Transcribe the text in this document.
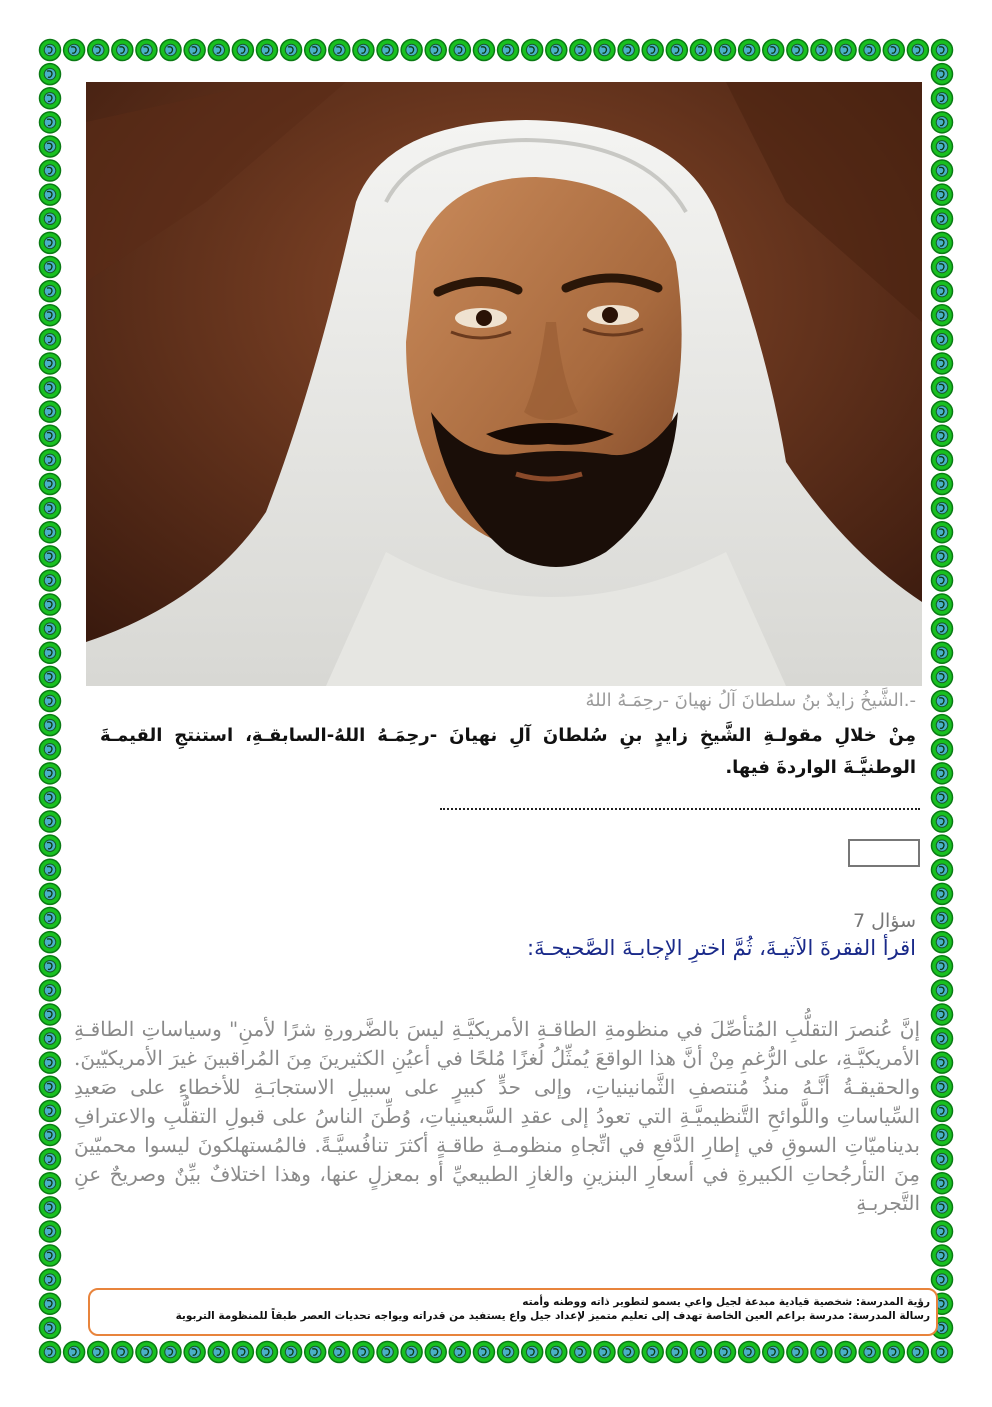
-.الشَّيخُ زايدٌ بنُ سلطانَ آلُ نهيانَ -رحِمَـهُ اللهُ
مِنْ خلالِ مقولـةِ الشَّيخِ زايدٍ بنِ سُلطانَ آلِ نهيانَ -رحِمَـهُ اللهُ-السابقـةِ، استنتجِ القيمـةَ الوطنيَّـةَ الواردةَ فيها.
سؤال 7
اقرأ الفقرةَ الآتيـةَ، ثُمَّ اخترِ الإجابـةَ الصَّحيحـةَ:
إنَّ عُنصرَ التقلُّبِ المُتأصِّلَ في منظومةِ الطاقـةِ الأمريكيَّـةِ ليسَ بالضَّرورةِ شرًا لأمنِ" وسياساتِ الطاقـةِ الأمريكيَّـةِ، على الرُّغمِ مِنْ أنَّ هذا الواقعَ يُمثِّلُ لُغزًا مُلحًا في أعيُنِ الكثيرينَ مِنَ المُراقبينَ غيرَ الأمريكيّينَ. والحقيقـةُ أنَّـهُ منذُ مُنتصفِ الثَّمانينياتِ، وإلى حدٍّ كبيرٍ على سبيلِ الاستجابَـةِ للأخطاءِ على صَعيدِ السِّياساتِ واللَّوائحِ التَّنظيميَّـةِ التي تعودُ إلى عقدِ السَّبعينياتِ، وُطِّنَ الناسُ على قبولِ التقلُّبِ والاعترافِ بديناميّاتِ السوقِ في إطارِ الدَّفعِ في اتِّجاهِ منظومـةِ طاقـةٍ أكثرَ تنافُسيَّـةً. فالمُستهلكونَ ليسوا محميّينَ مِنَ التأرجُحاتِ الكبيرةِ في أسعارِ البنزينِ والغازِ الطبيعيِّ أو بمعزلٍ عنها، وهذا اختلافٌ بيِّنٌ وصريحٌ عنِ التَّجربـةِ
رؤية المدرسة: شخصية قيادية مبدعة لجيل واعي يسمو لتطوير ذاته ووطنه وأمته
رسالة المدرسة: مدرسة براعم العين الخاصة تهدف إلى تعليم متميز لإعداد جيل واع يستفيد من قدراته ويواجه تحديات العصر طبقاً للمنظومة التربوية
